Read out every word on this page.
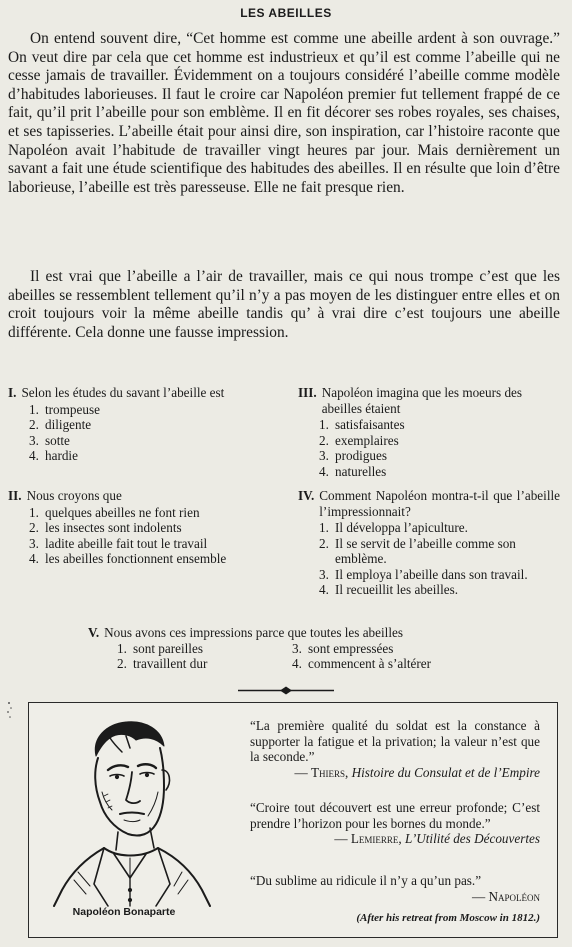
LES ABEILLES

On entend souvent dire, “Cet homme est comme une abeille ardent à son ouvrage.” On veut dire par cela que cet homme est industrieux et qu’il est comme l’abeille qui ne cesse jamais de travailler. Évidemment on a toujours considéré l’abeille comme modèle d’habitudes laborieuses. Il faut le croire car Napoléon premier fut tellement frappé de ce fait, qu’il prit l’abeille pour son emblème. Il en fit décorer ses robes royales, ses chaises, et ses tapisseries. L’abeille était pour ainsi dire, son inspiration, car l’histoire raconte que Napoléon avait l’habitude de travailler vingt heures par jour. Mais dernièrement un savant a fait une étude scientifique des habitudes des abeilles. Il en résulte que loin d’être laborieuse, l’abeille est très paresseuse. Elle ne fait presque rien.

Il est vrai que l’abeille a l’air de travailler, mais ce qui nous trompe c’est que les abeilles se ressemblent tellement qu’il n’y a pas moyen de les distinguer entre elles et on croit toujours voir la même abeille tandis qu’ à vrai dire c’est toujours une abeille différente. Cela donne une fausse impression.

I. Selon les études du savant l’abeille est
1. trompeuse
2. diligente
3. sotte
4. hardie
II. Nous croyons que
1. quelques abeilles ne font rien
2. les insectes sont indolents
3. ladite abeille fait tout le travail
4. les abeilles fonctionnent ensemble
III. Napoléon imagina que les moeurs des abeilles étaient
1. satisfaisantes
2. exemplaires
3. prodigues
4. naturelles
IV. Comment Napoléon montra-t-il que l’abeille l’impressionnait?
1. Il développa l’apiculture.
2. Il se servit de l’abeille comme son emblème.
3. Il employa l’abeille dans son travail.
4. Il recueillit les abeilles.
V. Nous avons ces impressions parce que toutes les abeilles
1. sont pareilles	3. sont empressées
2. travaillent dur	4. commencent à s’altérer
Napoléon Bonaparte
“La première qualité du soldat est la constance à supporter la fatigue et la privation; la valeur n’est que la seconde.”
— Thiers, Histoire du Consulat et de l’Empire
“Croire tout découvert est une erreur profonde; C’est prendre l’horizon pour les bornes du monde.”
— Lemierre, L’Utilité des Découvertes
“Du sublime au ridicule il n’y a qu’un pas.”
— Napoléon
(After his retreat from Moscow in 1812.)
